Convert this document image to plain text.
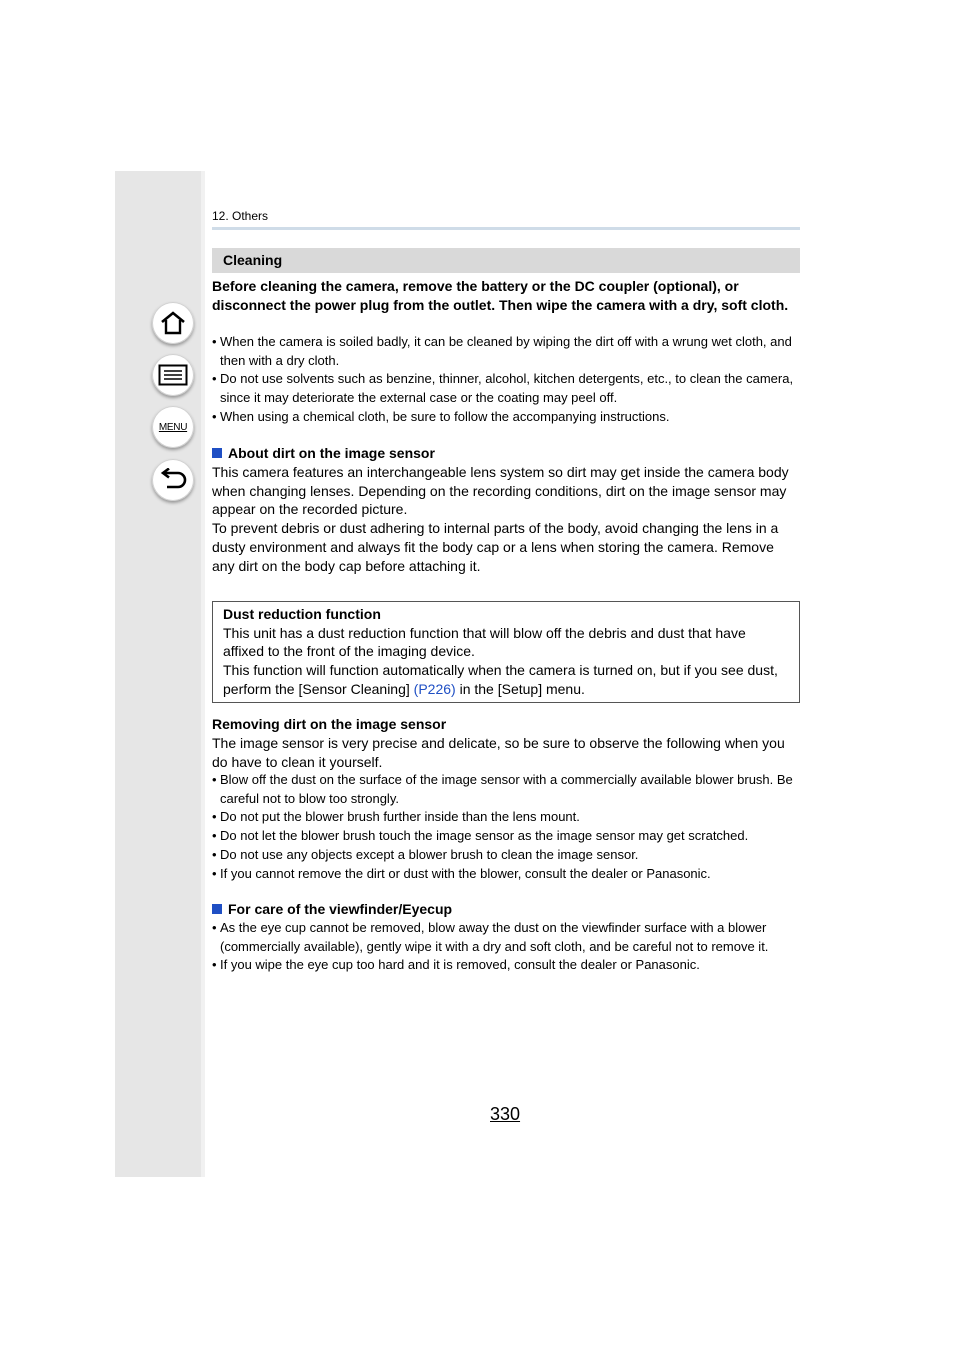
MENU
12. Others
Cleaning
Before cleaning the camera, remove the battery or the DC coupler (optional), or disconnect the power plug from the outlet. Then wipe the camera with a dry, soft cloth.
• When the camera is soiled badly, it can be cleaned by wiping the dirt off with a wrung wet cloth, and then with a dry cloth.
• Do not use solvents such as benzine, thinner, alcohol, kitchen detergents, etc., to clean the camera, since it may deteriorate the external case or the coating may peel off.
• When using a chemical cloth, be sure to follow the accompanying instructions.
About dirt on the image sensor
This camera features an interchangeable lens system so dirt may get inside the camera body when changing lenses. Depending on the recording conditions, dirt on the image sensor may appear on the recorded picture.
To prevent debris or dust adhering to internal parts of the body, avoid changing the lens in a dusty environment and always fit the body cap or a lens when storing the camera. Remove any dirt on the body cap before attaching it.
Dust reduction function
This unit has a dust reduction function that will blow off the debris and dust that have affixed to the front of the imaging device.
This function will function automatically when the camera is turned on, but if you see dust, perform the [Sensor Cleaning] (P226) in the [Setup] menu.
Removing dirt on the image sensor
The image sensor is very precise and delicate, so be sure to observe the following when you do have to clean it yourself.
• Blow off the dust on the surface of the image sensor with a commercially available blower brush. Be careful not to blow too strongly.
• Do not put the blower brush further inside than the lens mount.
• Do not let the blower brush touch the image sensor as the image sensor may get scratched.
• Do not use any objects except a blower brush to clean the image sensor.
• If you cannot remove the dirt or dust with the blower, consult the dealer or Panasonic.
For care of the viewfinder/Eyecup
• As the eye cup cannot be removed, blow away the dust on the viewfinder surface with a blower (commercially available), gently wipe it with a dry and soft cloth, and be careful not to remove it.
• If you wipe the eye cup too hard and it is removed, consult the dealer or Panasonic.
330
